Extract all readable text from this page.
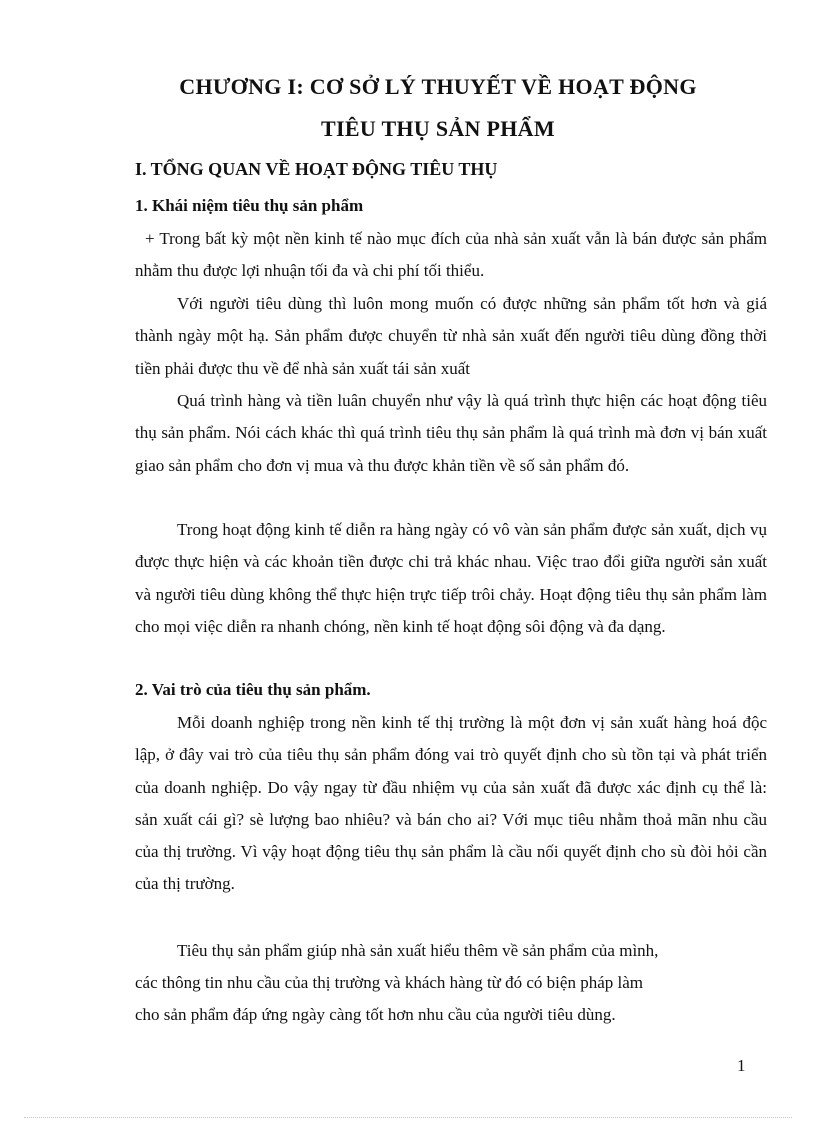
CHƯƠNG I: CƠ SỞ LÝ THUYẾT VỀ HOẠT ĐỘNG
TIÊU THỤ SẢN PHẨM
I. TỔNG QUAN VỀ HOẠT ĐỘNG TIÊU THỤ
1. Khái niệm tiêu thụ sản phẩm

+ Trong bất kỳ một nền kinh tế nào mục đích của nhà sản xuất vẫn là bán được sản phẩm nhằm thu được lợi nhuận tối đa và chi phí tối thiểu.

Với người tiêu dùng thì luôn mong muốn có được những sản phẩm tốt hơn và giá thành ngày một hạ. Sản phẩm được chuyển từ nhà sản xuất đến người tiêu dùng đồng thời tiền phải được thu về để nhà sản xuất tái sản xuất

Quá trình hàng và tiền luân chuyển như vậy là quá trình thực hiện các hoạt động tiêu thụ sản phẩm. Nói cách khác thì quá trình tiêu thụ sản phẩm là quá trình mà đơn vị bán xuất giao sản phẩm cho đơn vị mua và thu được khản tiền về số sản phẩm đó.

Trong hoạt động kinh tế diễn ra hàng ngày có vô vàn sản phẩm được sản xuất, dịch vụ được thực hiện và các khoản tiền được chi trả khác nhau. Việc trao đổi giữa người sản xuất và người tiêu dùng không thể thực hiện trực tiếp trôi chảy. Hoạt động tiêu thụ sản phẩm làm cho mọi việc diễn ra nhanh chóng, nền kinh tế hoạt động sôi động và đa dạng.

2. Vai trò của tiêu thụ sản phẩm.

Mỗi doanh nghiệp trong nền kinh tế thị trường là một đơn vị sản xuất hàng hoá độc lập, ở đây vai trò của tiêu thụ sản phẩm đóng vai trò quyết định cho sù tồn tại và phát triển của doanh nghiệp. Do vậy ngay từ đầu nhiệm vụ của sản xuất đã được xác định cụ thể là: sản xuất cái gì? sè lượng bao nhiêu? và bán cho ai? Với mục tiêu nhằm thoả mãn nhu cầu của thị trường. Vì vậy hoạt động tiêu thụ sản phẩm là cầu nối quyết định cho sù đòi hỏi cần của thị trường.

Tiêu thụ sản phẩm giúp nhà sản xuất hiểu thêm về sản phẩm của mình,

các thông tin nhu cầu của thị trường và khách hàng từ đó có biện pháp làm

cho sản phẩm đáp ứng ngày càng tốt hơn nhu cầu của người tiêu dùng.

1
